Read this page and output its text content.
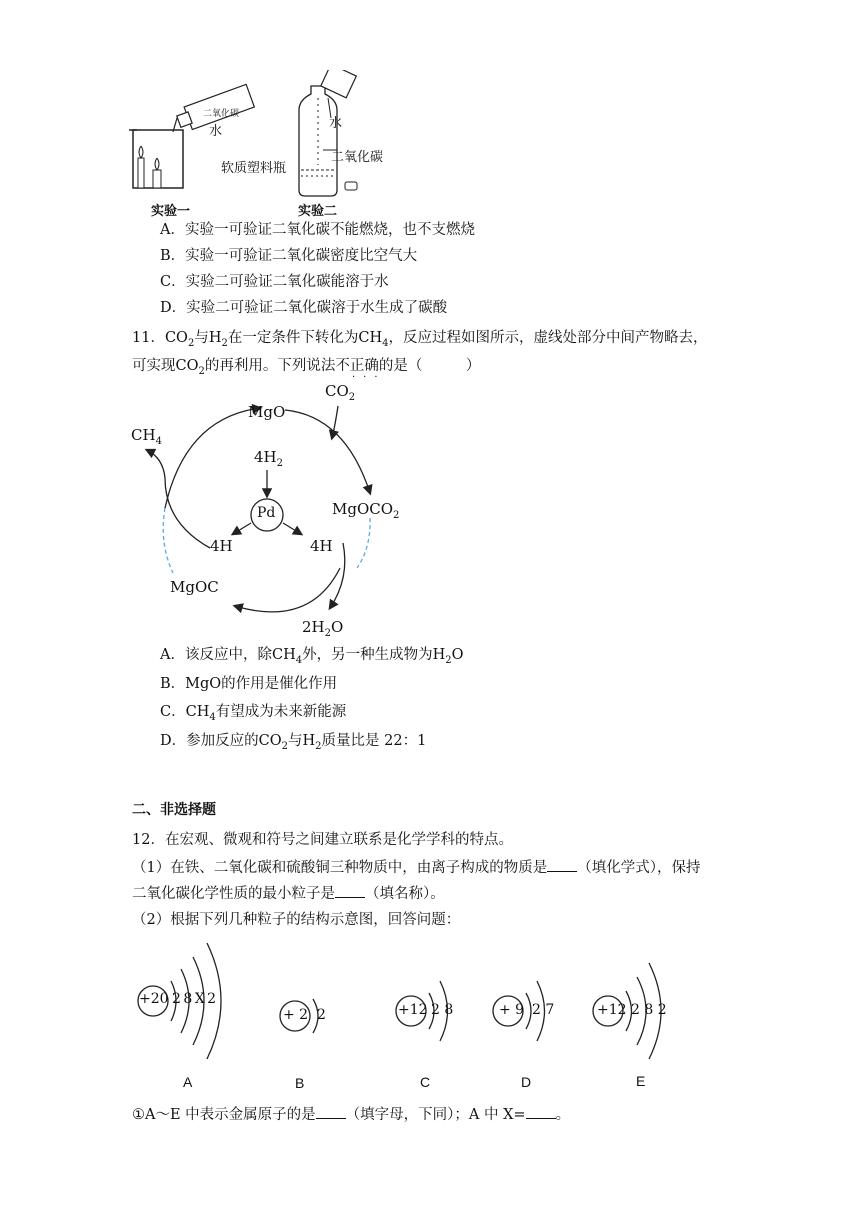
二氧化碳
水
水
二氧化碳
软质塑料瓶
实验一	实验二
A．实验一可验证二氧化碳不能燃烧，也不支燃烧
B．实验一可验证二氧化碳密度比空气大
C．实验二可验证二氧化碳能溶于水
D．实验二可验证二氧化碳溶于水生成了碳酸
11．$CO_2$与$H_2$在一定条件下转化为$CH_4$，反应过程如图所示，虚线处部分中间产物略去，
可实现$CO_2$的再利用。下列说法不正确的是（　　　）
···
MgO
$CO_2$
$CH_4$
$4H_2$
Pd	MgOCO$_2$
4H	4H
MgOC
$2H_2O$
A．该反应中，除$CH_4$外，另一种生成物为$H_2O$
B．MgO的作用是催化作用
C．$CH_4$有望成为未来新能源
D．参加反应的$CO_2$与$H_2$质量比是 22：1
二、非选择题
12．在宏观、微观和符号之间建立联系是化学学科的特点。
（1）在铁、二氧化碳和硫酸铜三种物质中，由离子构成的物质是 （填化学式），保持
二氧化碳化学性质的最小粒子是 （填名称）。
（2）根据下列几种粒子的结构示意图，回答问题：
+20 2 8 X 2
+ 2 2	+12 2 8	+ 9 2 7	+12 2 8 2
A	B	C	D	E
①A～E 中表示金属原子的是 （填字母，下同）；A 中 X= 。
